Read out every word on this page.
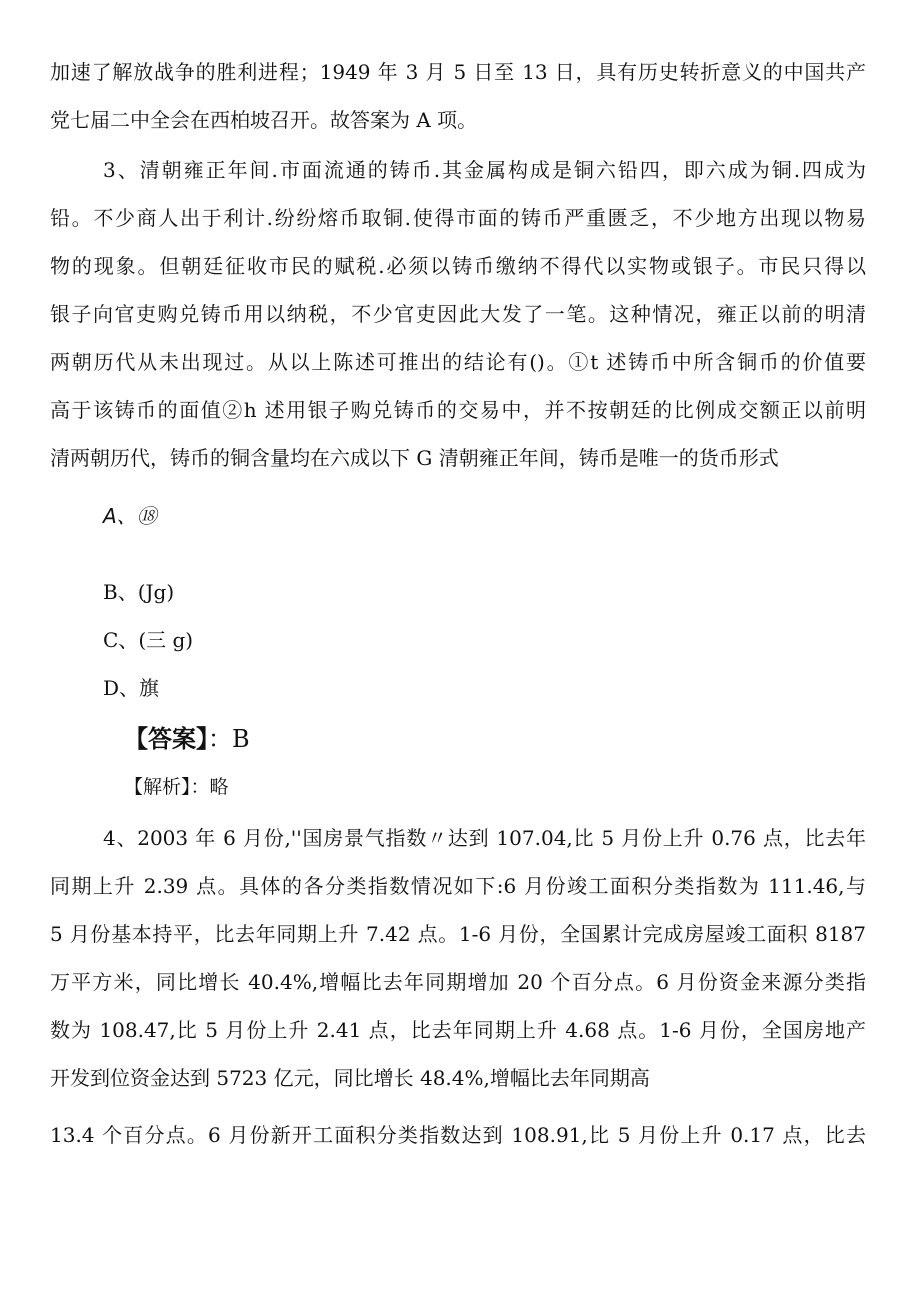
加速了解放战争的胜利进程；1949 年 3 月 5 日至 13 日，具有历史转折意义的中国共产
党七届二中全会在西柏坡召开。故答案为 A 项。
3、清朝雍正年间.市面流通的铸币.其金属构成是铜六铅四，即六成为铜.四成为
铅。不少商人出于利计.纷纷熔币取铜.使得市面的铸币严重匮乏，不少地方出现以物易
物的现象。但朝廷征收市民的赋税.必须以铸币缴纳不得代以实物或银子。市民只得以
银子向官吏购兑铸币用以纳税，不少官吏因此大发了一笔。这种情况，雍正以前的明清
两朝历代从未出现过。从以上陈述可推出的结论有()。①t 述铸币中所含铜币的价值要
高于该铸币的面值②h 述用银子购兑铸币的交易中，并不按朝廷的比例成交额正以前明
清两朝历代，铸币的铜含量均在六成以下 G 清朝雍正年间，铸币是唯一的货币形式
A、⑱
B、(Jg)
C、(三 g)
D、旗
【答案】：B
【解析】：略
4、2003 年 6 月份,''国房景气指数〃达到 107.04,比 5 月份上升 0.76 点，比去年
同期上升 2.39 点。具体的各分类指数情况如下:6 月份竣工面积分类指数为 111.46,与
5 月份基本持平，比去年同期上升 7.42 点。1-6 月份，全国累计完成房屋竣工面积 8187
万平方米，同比增长 40.4%,增幅比去年同期增加 20 个百分点。6 月份资金来源分类指
数为 108.47,比 5 月份上升 2.41 点，比去年同期上升 4.68 点。1-6 月份，全国房地产
开发到位资金达到 5723 亿元，同比增长 48.4%,增幅比去年同期高
13.4 个百分点。6 月份新开工面积分类指数达到 108.91,比 5 月份上升 0.17 点，比去
